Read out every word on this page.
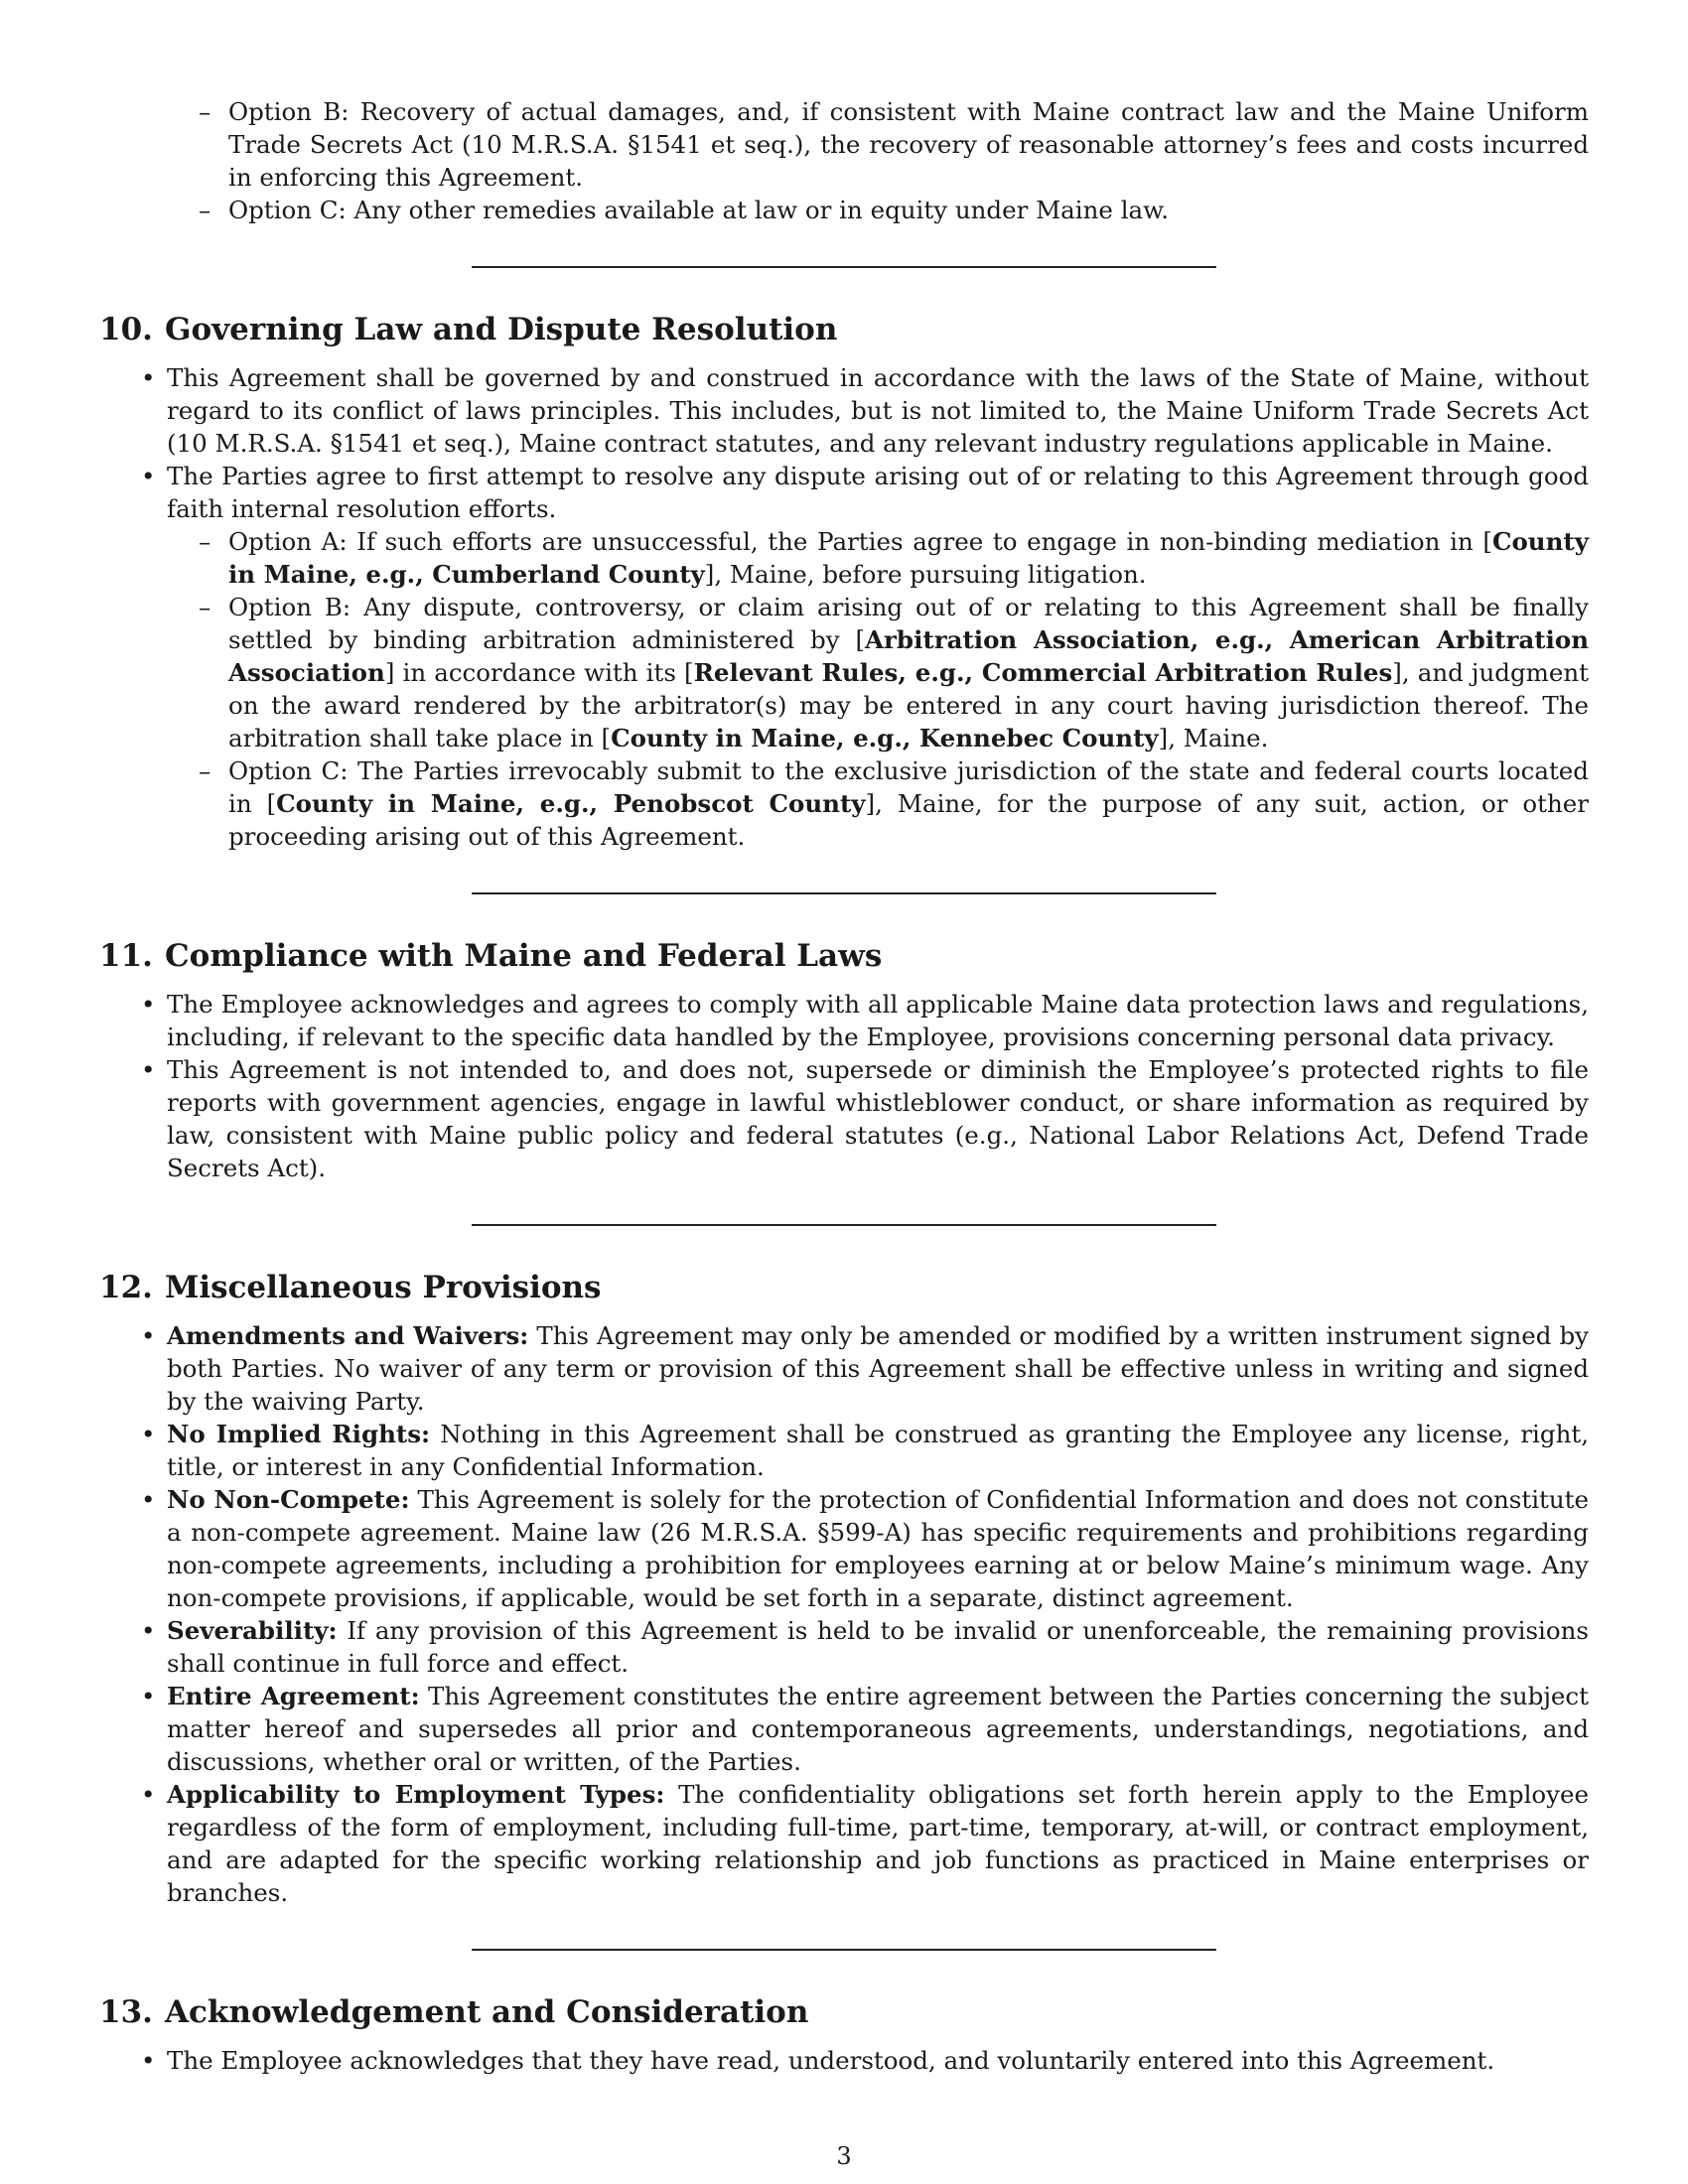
– Option B: Recovery of actual damages, and, if consistent with Maine contract law and the Maine Uniform Trade Secrets Act (10 M.R.S.A. §1541 et seq.), the recovery of reasonable attorney’s fees and costs incurred in enforcing this Agreement.
– Option C: Any other remedies available at law or in equity under Maine law.
10. Governing Law and Dispute Resolution
• This Agreement shall be governed by and construed in accordance with the laws of the State of Maine, without regard to its conflict of laws principles. This includes, but is not limited to, the Maine Uniform Trade Secrets Act (10 M.R.S.A. §1541 et seq.), Maine contract statutes, and any relevant industry regulations applicable in Maine.
• The Parties agree to first attempt to resolve any dispute arising out of or relating to this Agreement through good faith internal resolution efforts.
– Option A: If such efforts are unsuccessful, the Parties agree to engage in non-binding mediation in [County in Maine, e.g., Cumberland County], Maine, before pursuing litigation.
– Option B: Any dispute, controversy, or claim arising out of or relating to this Agreement shall be finally settled by binding arbitration administered by [Arbitration Association, e.g., American Arbitration Association] in accordance with its [Relevant Rules, e.g., Commercial Arbitration Rules], and judgment on the award rendered by the arbitrator(s) may be entered in any court having jurisdiction thereof. The arbitration shall take place in [County in Maine, e.g., Kennebec County], Maine.
– Option C: The Parties irrevocably submit to the exclusive jurisdiction of the state and federal courts located in [County in Maine, e.g., Penobscot County], Maine, for the purpose of any suit, action, or other proceeding arising out of this Agreement.
11. Compliance with Maine and Federal Laws
• The Employee acknowledges and agrees to comply with all applicable Maine data protection laws and regulations, including, if relevant to the specific data handled by the Employee, provisions concerning personal data privacy.
• This Agreement is not intended to, and does not, supersede or diminish the Employee’s protected rights to file reports with government agencies, engage in lawful whistleblower conduct, or share information as required by law, consistent with Maine public policy and federal statutes (e.g., National Labor Relations Act, Defend Trade Secrets Act).
12. Miscellaneous Provisions
• Amendments and Waivers: This Agreement may only be amended or modified by a written instrument signed by both Parties. No waiver of any term or provision of this Agreement shall be effective unless in writing and signed by the waiving Party.
• No Implied Rights: Nothing in this Agreement shall be construed as granting the Employee any license, right, title, or interest in any Confidential Information.
• No Non-Compete: This Agreement is solely for the protection of Confidential Information and does not constitute a non-compete agreement. Maine law (26 M.R.S.A. §599-A) has specific requirements and prohibitions regarding non-compete agreements, including a prohibition for employees earning at or below Maine’s minimum wage. Any non-compete provisions, if applicable, would be set forth in a separate, distinct agreement.
• Severability: If any provision of this Agreement is held to be invalid or unenforceable, the remaining provisions shall continue in full force and effect.
• Entire Agreement: This Agreement constitutes the entire agreement between the Parties concerning the subject matter hereof and supersedes all prior and contemporaneous agreements, understandings, negotiations, and discussions, whether oral or written, of the Parties.
• Applicability to Employment Types: The confidentiality obligations set forth herein apply to the Employee regardless of the form of employment, including full-time, part-time, temporary, at-will, or contract employment, and are adapted for the specific working relationship and job functions as practiced in Maine enterprises or branches.
13. Acknowledgement and Consideration
• The Employee acknowledges that they have read, understood, and voluntarily entered into this Agreement.
3
